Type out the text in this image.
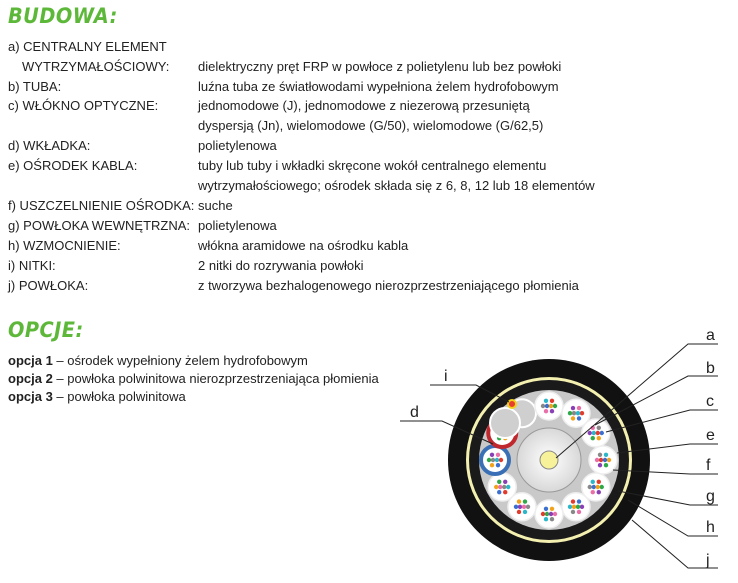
BUDOWA:
a) CENTRALNY ELEMENT
WYTRZYMAŁOŚCIOWY: dielektryczny pręt FRP w powłoce z polietylenu lub bez powłoki
b) TUBA:	luźna tuba ze światłowodami wypełniona żelem hydrofobowym
c) WŁÓKNO OPTYCZNE:	jednomodowe (J), jednomodowe z niezerową przesuniętą
dyspersją (Jn), wielomodowe (G/50), wielomodowe (G/62,5)
d) WKŁADKA:	polietylenowa
e) OŚRODEK KABLA:	tuby lub tuby i wkładki skręcone wokół centralnego elementu
wytrzymałościowego; ośrodek składa się z 6, 8, 12 lub 18 elementów
f) USZCZELNIENIE OŚRODKA: suche
g) POWŁOKA WEWNĘTRZNA: polietylenowa
h) WZMOCNIENIE:	włókna aramidowe na ośrodku kabla
i) NITKI:	2 nitki do rozrywania powłoki
j) POWŁOKA:	z tworzywa bezhalogenowego nierozprzestrzeniającego płomienia
OPCJE:
opcja 1 – ośrodek wypełniony żelem hydrofobowym
opcja 2 – powłoka polwinitowa nierozprzestrzeniająca płomienia
opcja 3 – powłoka polwinitowa
a
b
c
e
f
g
h
j
i
d
